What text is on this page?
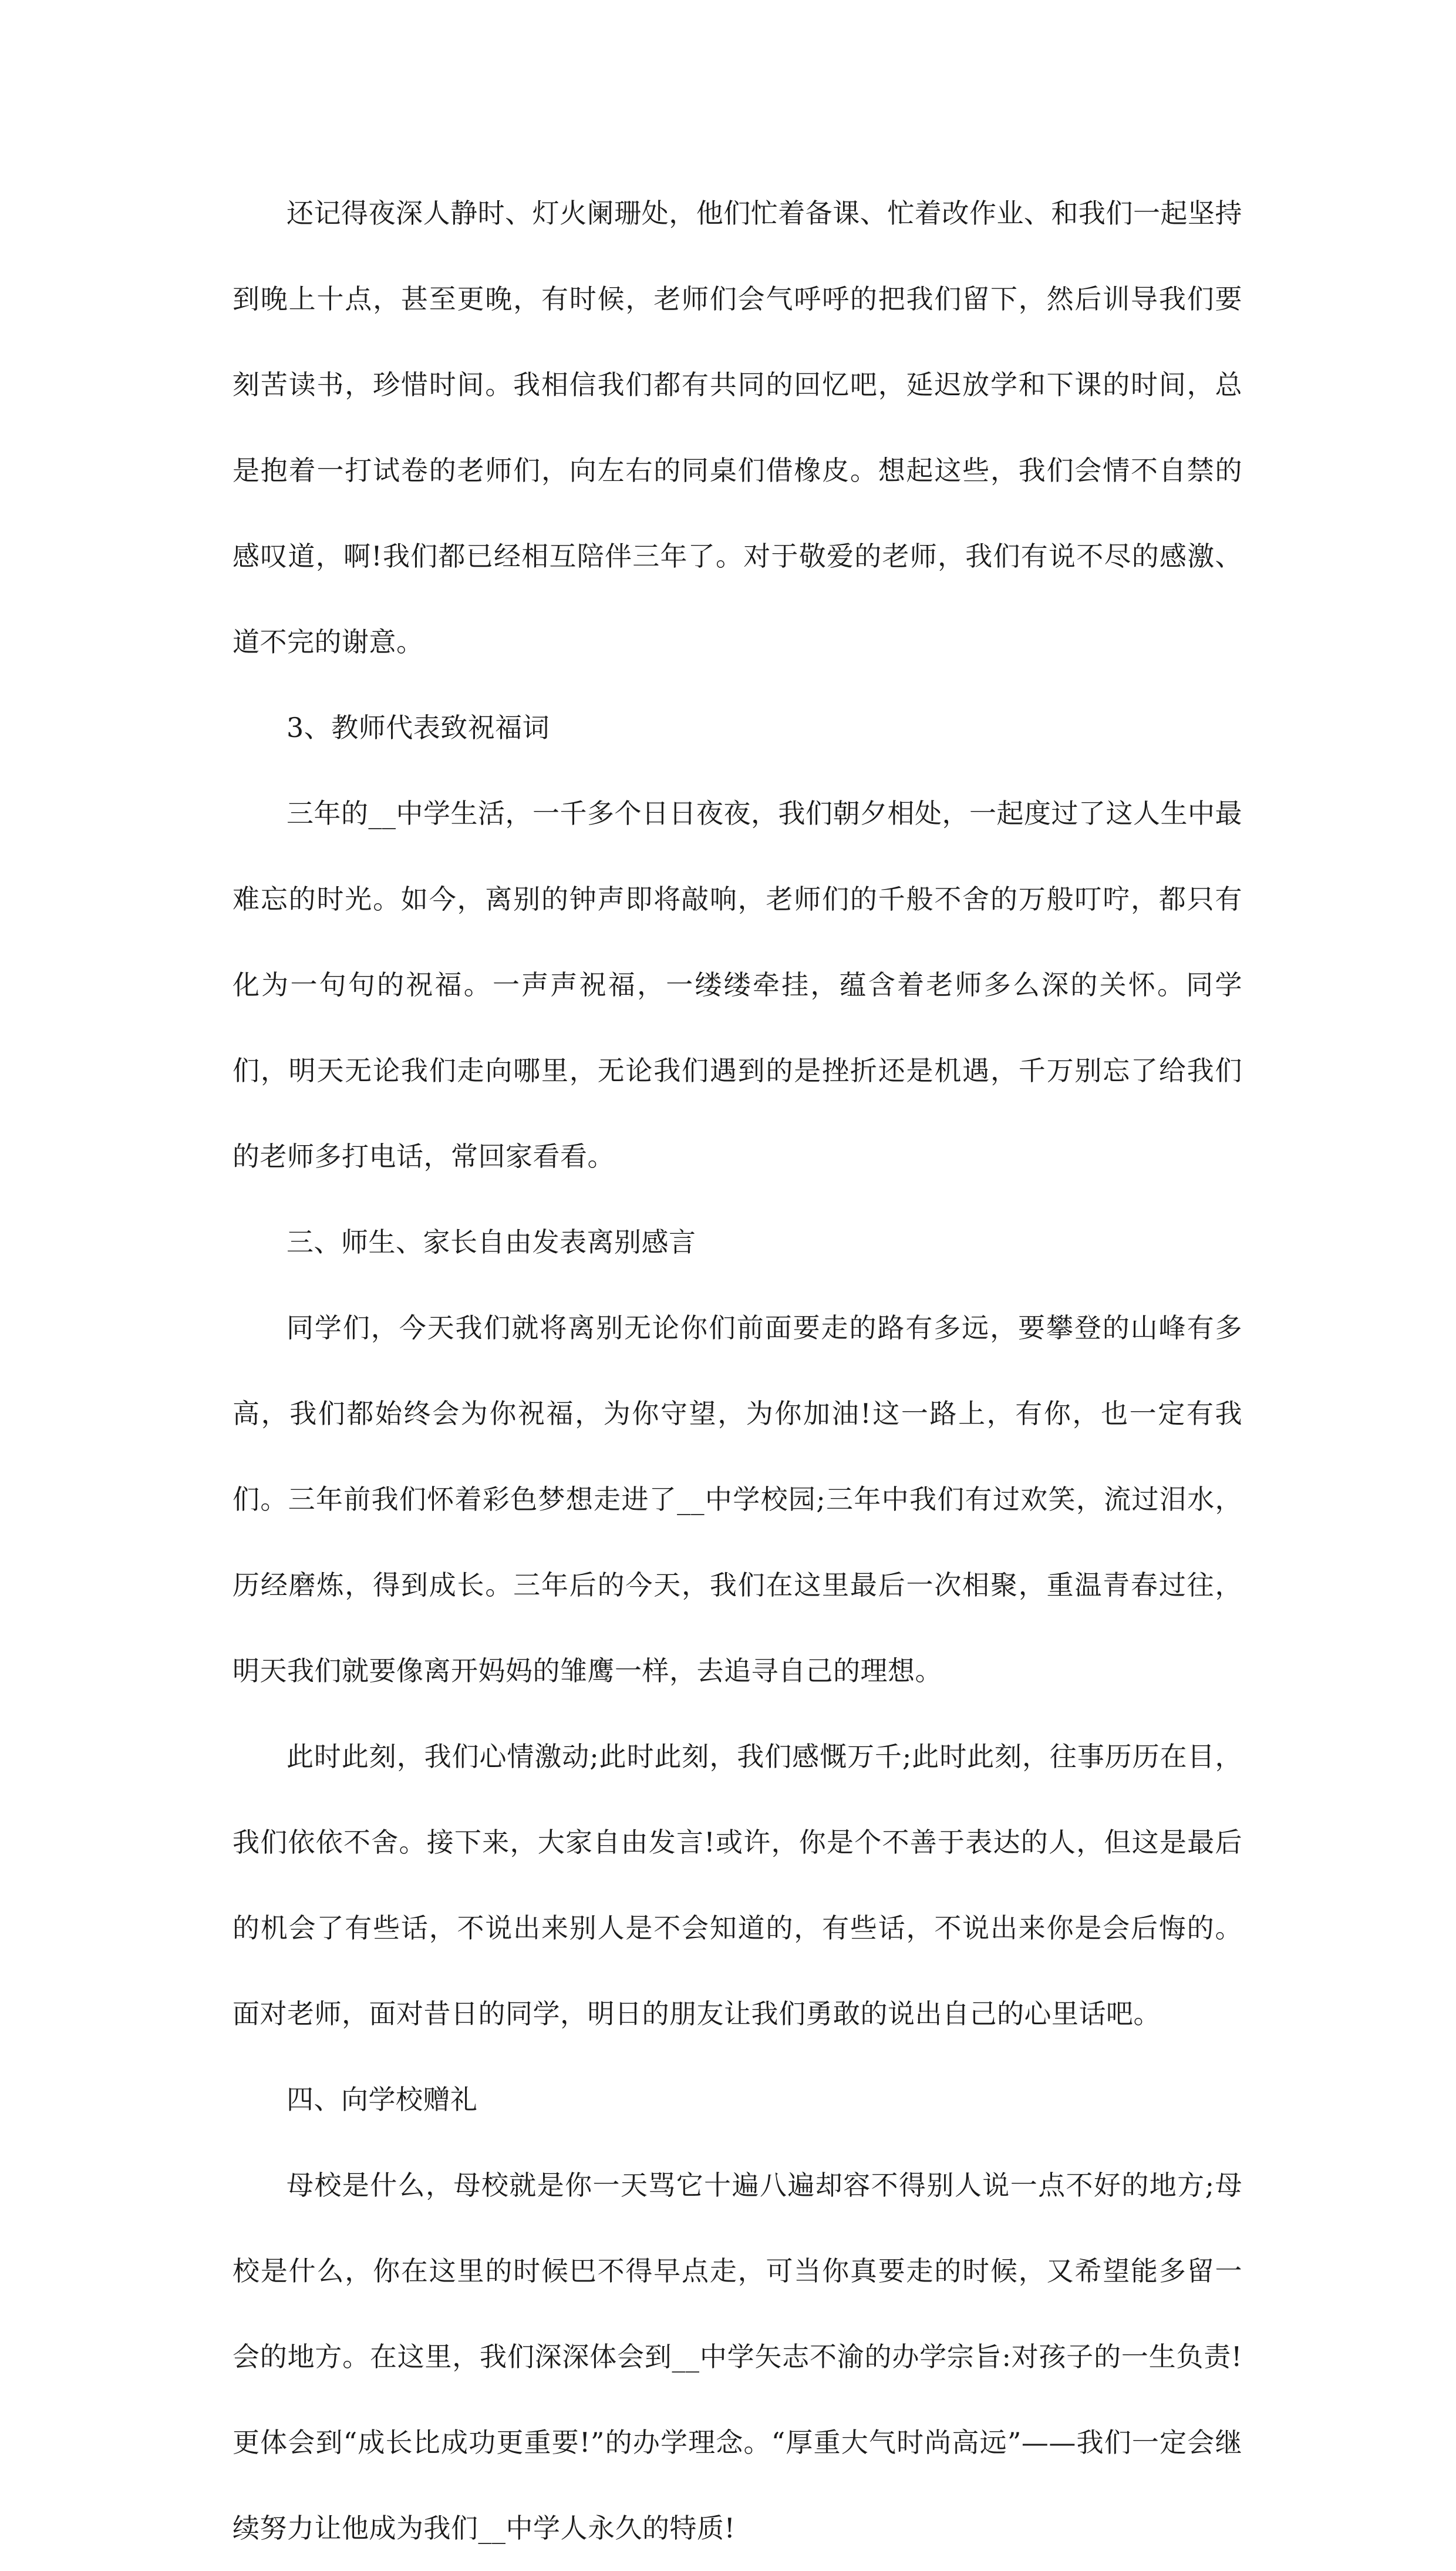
还记得夜深人静时、灯火阑珊处，他们忙着备课、忙着改作业、和我们一起坚持到晚上十点，甚至更晚，有时候，老师们会气呼呼的把我们留下，然后训导我们要刻苦读书，珍惜时间。我相信我们都有共同的回忆吧，延迟放学和下课的时间，总是抱着一打试卷的老师们，向左右的同桌们借橡皮。想起这些，我们会情不自禁的感叹道，啊!我们都已经相互陪伴三年了。对于敬爱的老师，我们有说不尽的感激、道不完的谢意。

3、教师代表致祝福词

三年的__中学生活，一千多个日日夜夜，我们朝夕相处，一起度过了这人生中最难忘的时光。如今，离别的钟声即将敲响，老师们的千般不舍的万般叮咛，都只有化为一句句的祝福。一声声祝福，一缕缕牵挂，蕴含着老师多么深的关怀。同学们，明天无论我们走向哪里，无论我们遇到的是挫折还是机遇，千万别忘了给我们的老师多打电话，常回家看看。

三、师生、家长自由发表离别感言

同学们，今天我们就将离别无论你们前面要走的路有多远，要攀登的山峰有多高，我们都始终会为你祝福，为你守望，为你加油!这一路上，有你，也一定有我们。三年前我们怀着彩色梦想走进了__中学校园;三年中我们有过欢笑，流过泪水，历经磨炼，得到成长。三年后的今天，我们在这里最后一次相聚，重温青春过往，明天我们就要像离开妈妈的雏鹰一样，去追寻自己的理想。

此时此刻，我们心情激动;此时此刻，我们感慨万千;此时此刻，往事历历在目，我们依依不舍。接下来，大家自由发言!或许，你是个不善于表达的人，但这是最后的机会了有些话，不说出来别人是不会知道的，有些话，不说出来你是会后悔的。面对老师，面对昔日的同学，明日的朋友让我们勇敢的说出自己的心里话吧。

四、向学校赠礼

母校是什么，母校就是你一天骂它十遍八遍却容不得别人说一点不好的地方;母校是什么，你在这里的时候巴不得早点走，可当你真要走的时候，又希望能多留一会的地方。在这里，我们深深体会到__中学矢志不渝的办学宗旨:对孩子的一生负责!更体会到“成长比成功更重要!”的办学理念。“厚重大气时尚高远”——我们一定会继续努力让他成为我们__中学人永久的特质!
